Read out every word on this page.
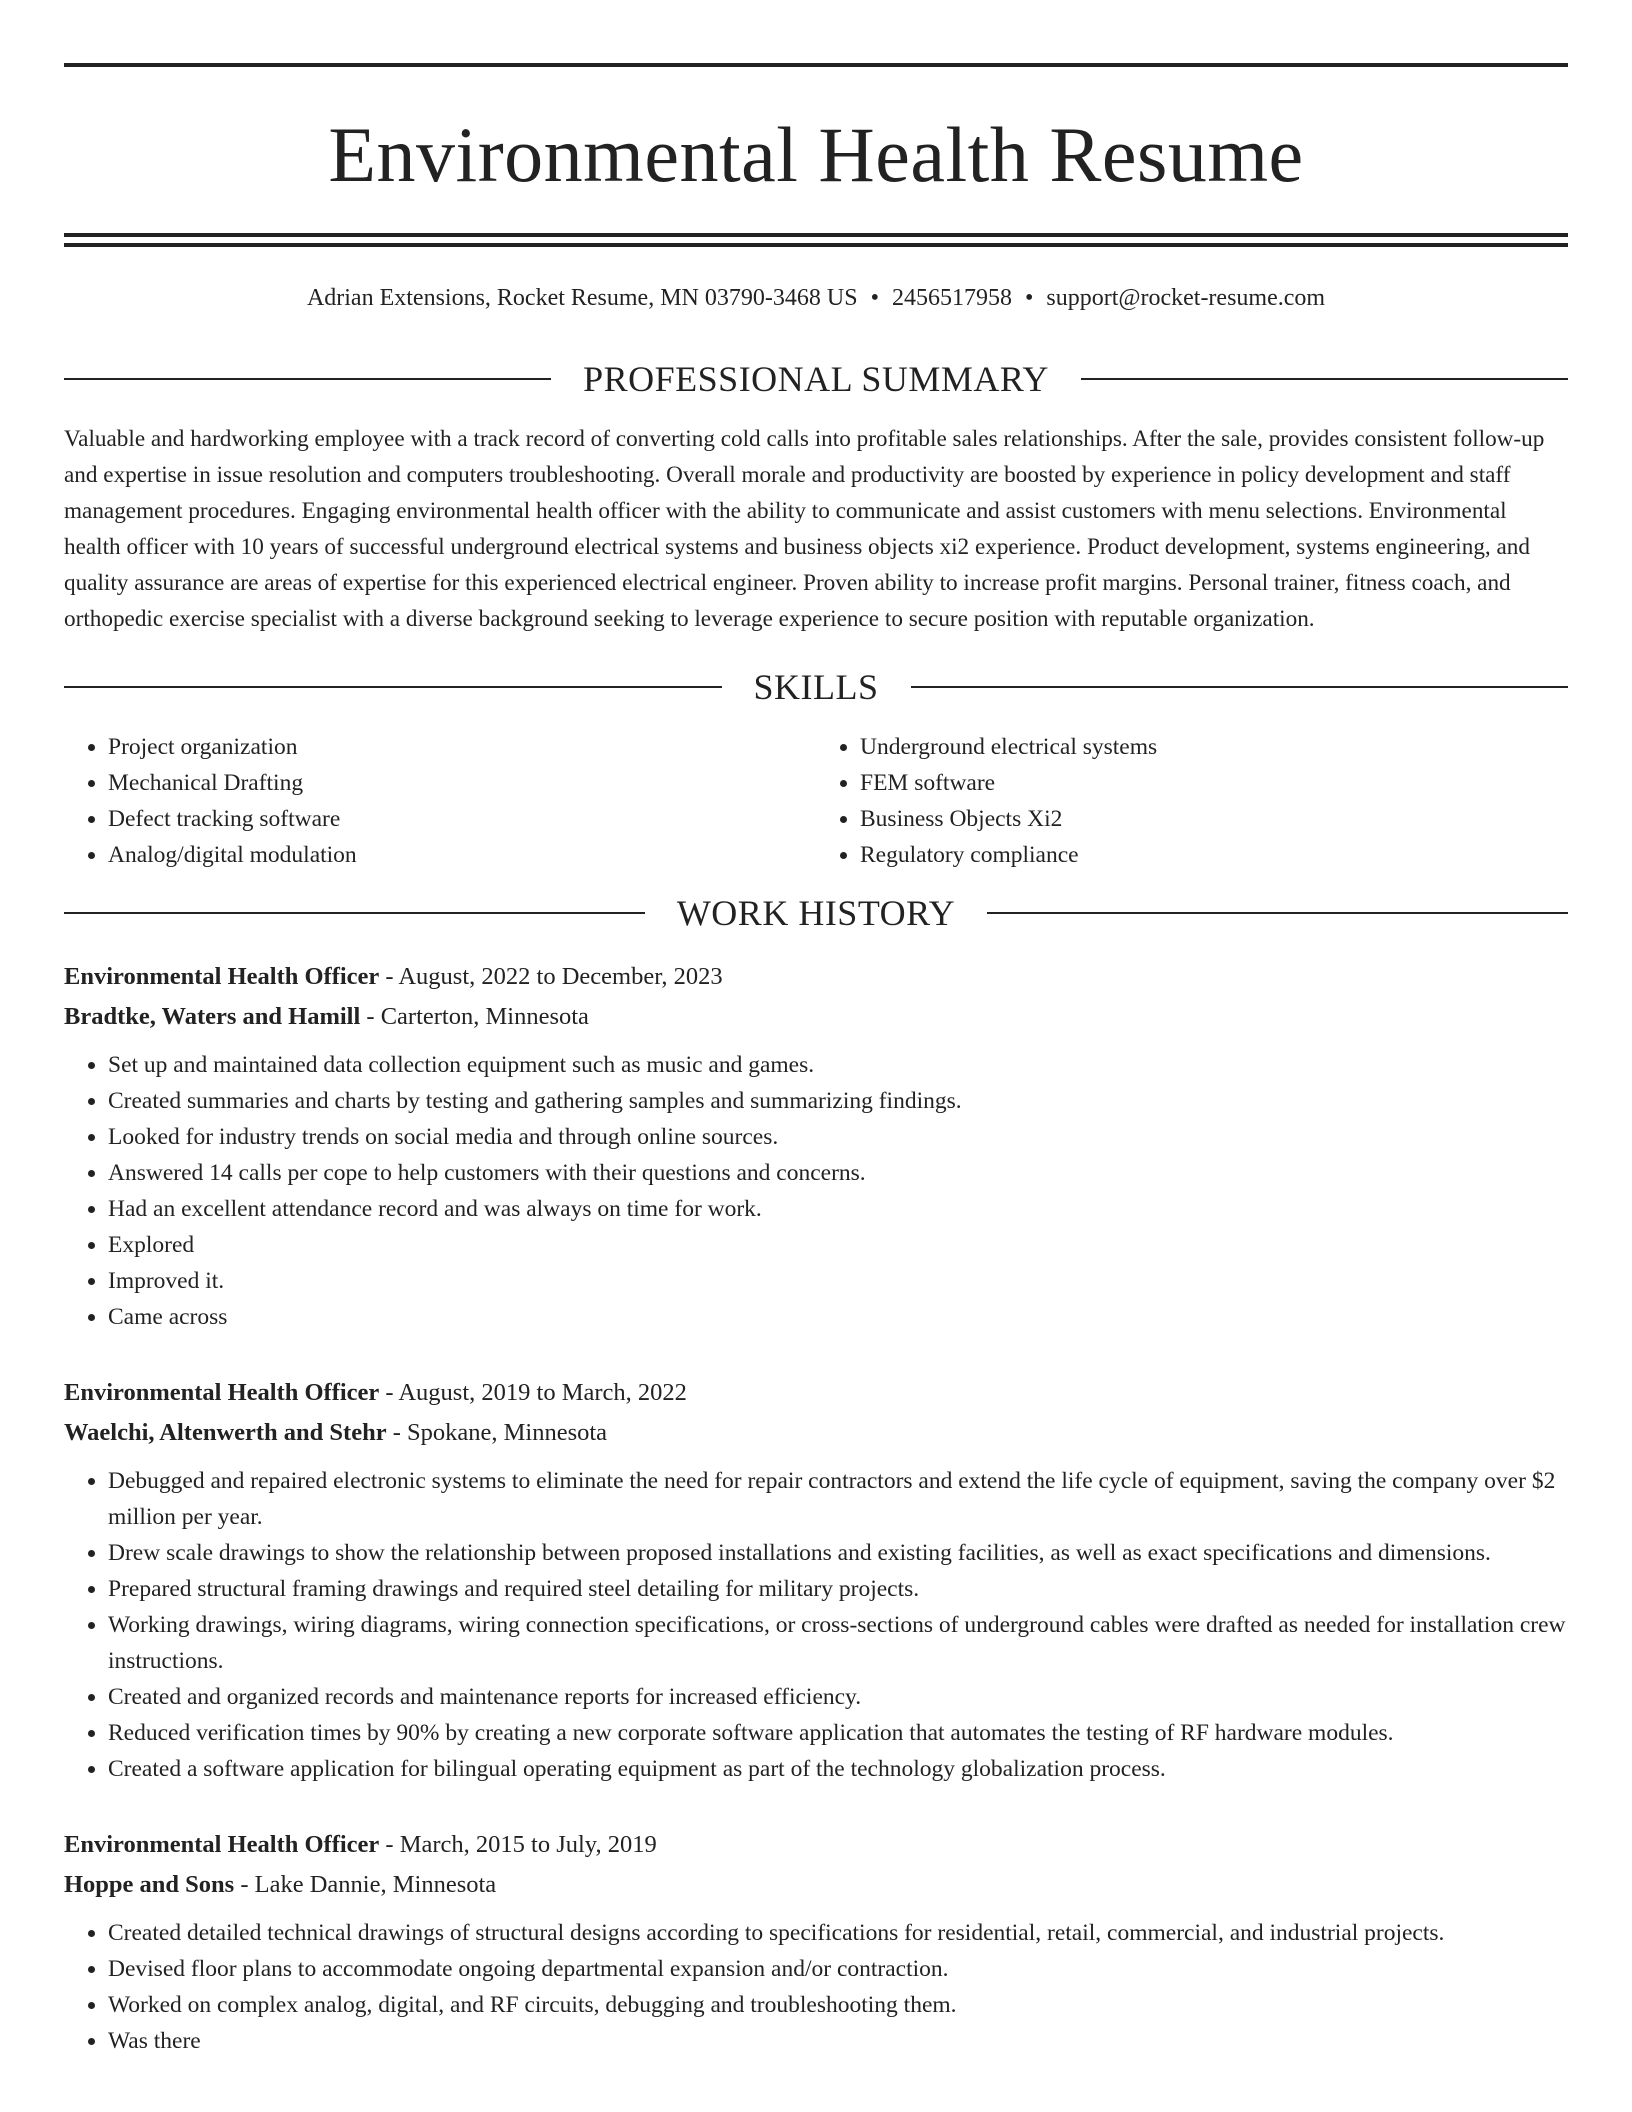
Environmental Health Resume
Adrian Extensions, Rocket Resume, MN 03790-3468 US • 2456517958 • support@rocket-resume.com
PROFESSIONAL SUMMARY
Valuable and hardworking employee with a track record of converting cold calls into profitable sales relationships. After the sale, provides consistent follow-up and expertise in issue resolution and computers troubleshooting. Overall morale and productivity are boosted by experience in policy development and staff management procedures. Engaging environmental health officer with the ability to communicate and assist customers with menu selections. Environmental health officer with 10 years of successful underground electrical systems and business objects xi2 experience. Product development, systems engineering, and quality assurance are areas of expertise for this experienced electrical engineer. Proven ability to increase profit margins. Personal trainer, fitness coach, and orthopedic exercise specialist with a diverse background seeking to leverage experience to secure position with reputable organization.
SKILLS
• Project organization
• Mechanical Drafting
• Defect tracking software
• Analog/digital modulation
• Underground electrical systems
• FEM software
• Business Objects Xi2
• Regulatory compliance
WORK HISTORY
Environmental Health Officer - August, 2022 to December, 2023
Bradtke, Waters and Hamill - Carterton, Minnesota
• Set up and maintained data collection equipment such as music and games.
• Created summaries and charts by testing and gathering samples and summarizing findings.
• Looked for industry trends on social media and through online sources.
• Answered 14 calls per cope to help customers with their questions and concerns.
• Had an excellent attendance record and was always on time for work.
• Explored
• Improved it.
• Came across
Environmental Health Officer - August, 2019 to March, 2022
Waelchi, Altenwerth and Stehr - Spokane, Minnesota
• Debugged and repaired electronic systems to eliminate the need for repair contractors and extend the life cycle of equipment, saving the company over $2 million per year.
• Drew scale drawings to show the relationship between proposed installations and existing facilities, as well as exact specifications and dimensions.
• Prepared structural framing drawings and required steel detailing for military projects.
• Working drawings, wiring diagrams, wiring connection specifications, or cross-sections of underground cables were drafted as needed for installation crew instructions.
• Created and organized records and maintenance reports for increased efficiency.
• Reduced verification times by 90% by creating a new corporate software application that automates the testing of RF hardware modules.
• Created a software application for bilingual operating equipment as part of the technology globalization process.
Environmental Health Officer - March, 2015 to July, 2019
Hoppe and Sons - Lake Dannie, Minnesota
• Created detailed technical drawings of structural designs according to specifications for residential, retail, commercial, and industrial projects.
• Devised floor plans to accommodate ongoing departmental expansion and/or contraction.
• Worked on complex analog, digital, and RF circuits, debugging and troubleshooting them.
• Was there
